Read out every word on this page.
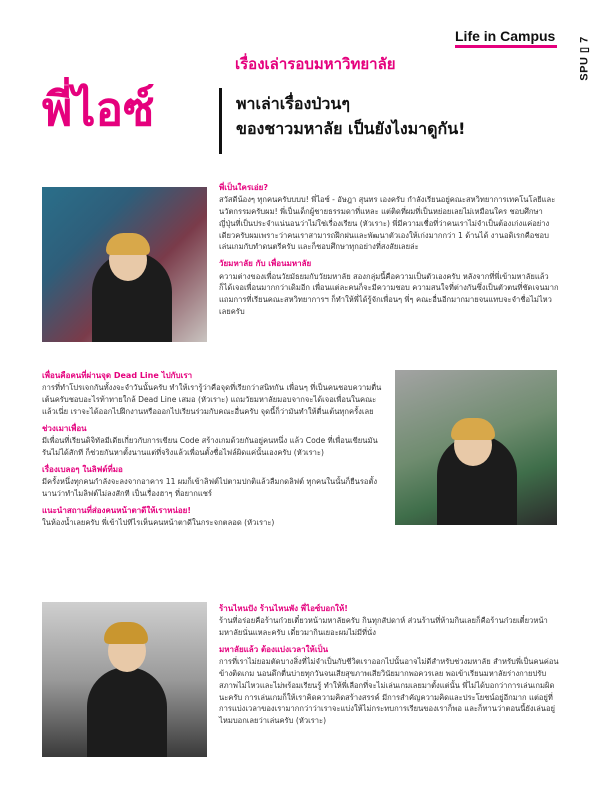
Life in Campus
SPU ▯ 7
เรื่องเล่ารอบมหาวิทยาลัย
พี่ไอซ์	พาเล่าเรื่องป่วนๆ
ของชาวมหาลัย เป็นยังไงมาดูกัน!
พี่เป็นใครเอ่ย?
สวัสดีน้องๆ ทุกคนครับบบบ! พี่ไอซ์ - อัษฎา สุนทร เองครับ กำลังเรียนอยู่คณะสหวิทยาการเทคโนโลยีและนวัตกรรมครับผม! พี่เป็นเด็กผู้ชายธรรมดาที่แหละ แต่ติดที่ผมที่เป็นหย่อยเลยไม่เหมือนใคร ชอบศึกษาญี่ปุ่นที่เป็นประจำแน่นอนว่าไม่ใช่เรื่องเรียน (หัวเราะ) พี่มีความเชื่อที่ว่าคนเราไม่จำเป็นต้องเก่งแค่อย่างเดียวครับผมเพราะว่าคนเราสามารถฝึกฝนและพัฒนาตัวเองให้เก่งมากกว่า 1 ด้านได้ งานอดิเรกคือชอบเล่นเกมกับทำดนตรีครับ และก็ชอบศึกษาทุกอย่างที่สงสัยเลยล่ะ
วัยมหาลัย กับ เพื่อนมหาลัย
ความต่างของเพื่อนวัยมัธยมกับวัยมหาลัย สองกลุ่มนี้คือความเป็นตัวเองครับ หลังจากที่พี่เข้ามหาลัยแล้วก็ได้เจอเพื่อนมากกว่าเดิมอีก เพื่อนแต่ละคนก็จะมีความชอบ ความสนใจที่ต่างกันซึ่งเป็นตัวตนที่ชัดเจนมาก แถมการที่เรียนคณะสหวิทยาการฯ ก็ทำให้พี่ได้รู้จักเพื่อนๆ พี่ๆ คณะอื่นอีกมากมายจนแทบจะจำชื่อไม่ไหวเลยครับ
เพื่อนคือคนที่ผ่านจุด Dead Line ไปกับเรา
การที่ทำโปรเจกกันทั้งงจะจำวันนั้นครับ ทำให้เรารู้ว่าคือจุดที่เรียกว่าสนิทกัน เพื่อนๆ ที่เป็นคนชอบความตื่นเต้นครับชอบอะไรท้าทายใกล้ Dead Line เสมอ (หัวเราะ) แถมวัยมหาลัยมอบจากจะได้เจอเพื่อนในคณะแล้วเนี่ย เราจะได้ออกไปฝึกงานหรือออกไปเรียนร่วมกับคณะอื่นครับ จุดนี้ก็ว่ามันทำให้ตื่นเต้นทุกครั้งเลย
ช่วงเมาเพื่อน
มีเพื่อนที่เรียนดิจิทัลมีเดียเกี่ยวกับการเขียน Code สร้างเกมด้วยกันอยู่คนหนึ่ง แล้ว Code ที่เพื่อนเขียนมันรันไม่ได้สักที ก็ช่วยกันหาตั้งนานแต่ที่จริงแล้วเพื่อนตั้งชื่อไฟล์ผิดแค่นั้นเองครับ (หัวเราะ)
เรื่องเบลอๆ ในลิฟต์ที่มอ
มีครั้งหนึ่งทุกคนกำลังจะลงจากอาคาร 11 ผมก็เข้าลิฟต์ไปตามปกติแล้วลืมกดลิฟต์ ทุกคนในนั้นก็ยืนรอตั้งนานว่าทำไมลิฟต์ไม่ลงสักที เป็นเรื่องฮาๆ ที่อยากแชร์
แนะนำสถานที่ส่องคนหน้าตาดีให้เราหน่อย!
ในห้องน้ำเลยครับ พี่เข้าไปทีไรเห็นคนหน้าตาดีในกระจกตลอด (หัวเราะ)
ร้านไหนปัง ร้านไหนพัง พี่ไอซ์บอกให้!
ร้านที่อร่อยคือร้านก๋วยเตี๋ยวหน้ามหาลัยครับ กินทุกสัปดาห์ ส่วนร้านที่ห้ามกินเลยก็คือร้านก๋วยเตี๋ยวหน้ามหาลัยนั่นแหละครับ เดี๋ยวมากินเยอะผมไม่มีที่นั่ง
มหาลัยแล้ว ต้องแบ่งเวลาให้เป็น
การที่เราไม่ยอมตัดบางสิ่งที่ไม่จำเป็นกับชีวิตเราออกไปนั้นอาจไม่ดีสำหรับช่วงมหาลัย สำหรับพี่เป็นคนค่อนข้างติดเกม นอนดึกตื่นบ่ายทุกวันจนเสียสุขภาพเสียวินัยมากพอควรเลย พอเข้าเรียนมหาลัยร่างกายปรับสภาพไม่ไหวและไม่พร้อมเรียนรู้ ทำให้พี่เลือกที่จะไม่เล่นเกมเลยมาตั้งแต่นั้น พี่ไม่ได้บอกว่าการเล่นเกมผิดนะครับ การเล่นเกมก็ให้เราคิดความคิดสร้างสรรค์ มีการสำคัญความคิดและประโยชน์อยู่อีกมาก แต่อยู่ที่การแบ่งเวลาของเรามากกว่าว่าเราจะแบ่งให้ไม่กระทบการเรียนของเราก็พอ และก็ทานว่าตอนนี้ยังเล่นอยู่ไหมบอกเลยว่าเล่นครับ (หัวเราะ)
